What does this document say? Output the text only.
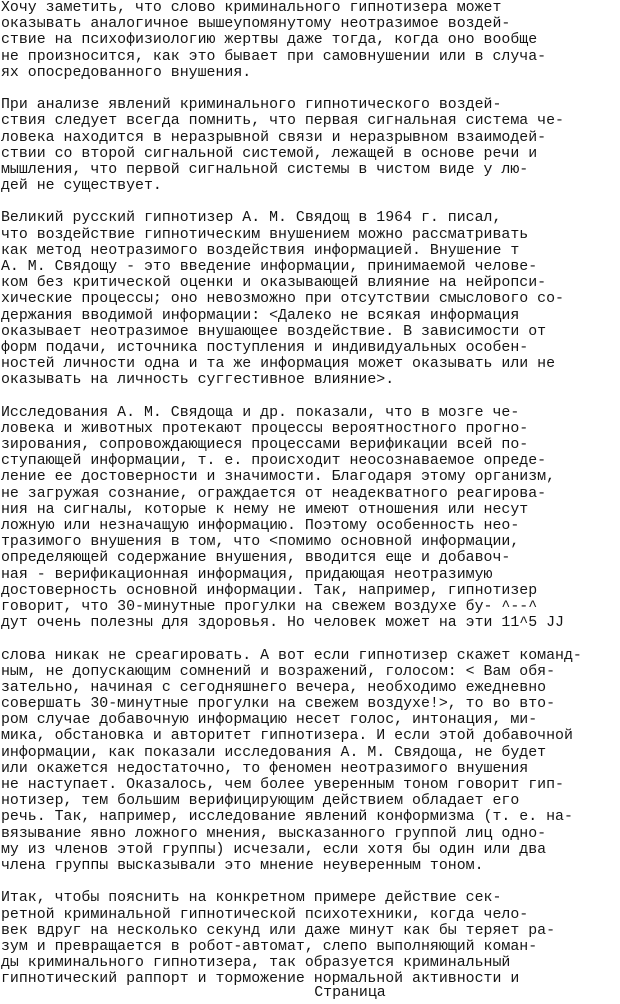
Хочу заметить, что слово криминального гипнотизера может
оказывать аналогичное вышеупомянутому неотразимое воздей-
ствие на психофизиологию жертвы даже тогда, когда оно вообще
не произносится, как это бывает при самовнушении или в случа-
ях опосредованного внушения.
При анализе явлений криминального гипнотического воздей-
ствия следует всегда помнить, что первая сигнальная система че-
ловека находится в неразрывной связи и неразрывном взаимодей-
ствии со второй сигнальной системой, лежащей в основе речи и
мышления, что первой сигнальной системы в чистом виде у лю-
дей не существует.
Великий русский гипнотизер А. М. Свядощ в 1964 г. писал,
что воздействие гипнотическим внушением можно рассматривать
как метод неотразимого воздействия информацией. Внушение т
А. М. Свядощу - это введение информации, принимаемой челове-
ком без критической оценки и оказывающей влияние на нейропси-
хические процессы; оно невозможно при отсутствии смыслового со-
держания вводимой информации: <Далеко не всякая информация
оказывает неотразимое внушающее воздействие. В зависимости от
форм подачи, источника поступления и индивидуальных особен-
ностей личности одна и та же информация может оказывать или не
оказывать на личность суггестивное влияние>.
Исследования А. М. Свядоща и др. показали, что в мозге че-
ловека и животных протекают процессы вероятностного прогно-
зирования, сопровождающиеся процессами верификации всей по-
ступающей информации, т. е. происходит неосознаваемое опреде-
ление ее достоверности и значимости. Благодаря этому организм,
не загружая сознание, ограждается от неадекватного реагирова-
ния на сигналы, которые к нему не имеют отношения или несут
ложную или незначащую информацию. Поэтому особенность нео-
тразимого внушения в том, что <помимо основной информации,
определяющей содержание внушения, вводится еще и добавоч-
ная - верификационная информация, придающая неотразимую
достоверность основной информации. Так, например, гипнотизер
говорит, что 30-минутные прогулки на свежем воздухе бу- ^--^
дут очень полезны для здоровья. Но человек может на эти 11^5 JJ
слова никак не среагировать. А вот если гипнотизер скажет команд-
ным, не допускающим сомнений и возражений, голосом: < Вам обя-
зательно, начиная с сегодняшнего вечера, необходимо ежедневно
совершать 30-минутные прогулки на свежем воздухе!>, то во вто-
ром случае добавочную информацию несет голос, интонация, ми-
мика, обстановка и авторитет гипнотизера. И если этой добавочной
информации, как показали исследования А. М. Свядоща, не будет
или окажется недостаточно, то феномен неотразимого внушения
не наступает. Оказалось, чем более уверенным тоном говорит гип-
нотизер, тем большим верифицирующим действием обладает его
речь. Так, например, исследование явлений конформизма (т. е. на-
вязывание явно ложного мнения, высказанного группой лиц одно-
му из членов этой группы) исчезали, если хотя бы один или два
члена группы высказывали это мнение неуверенным тоном.
Итак, чтобы пояснить на конкретном примере действие сек-
ретной криминальной гипнотической психотехники, когда чело-
век вдруг на несколько секунд или даже минут как бы теряет ра-
зум и превращается в робот-автомат, слепо выполняющий коман-
ды криминального гипнотизера, так образуется криминальный
гипнотический раппорт и торможение нормальной активности и
Страница
